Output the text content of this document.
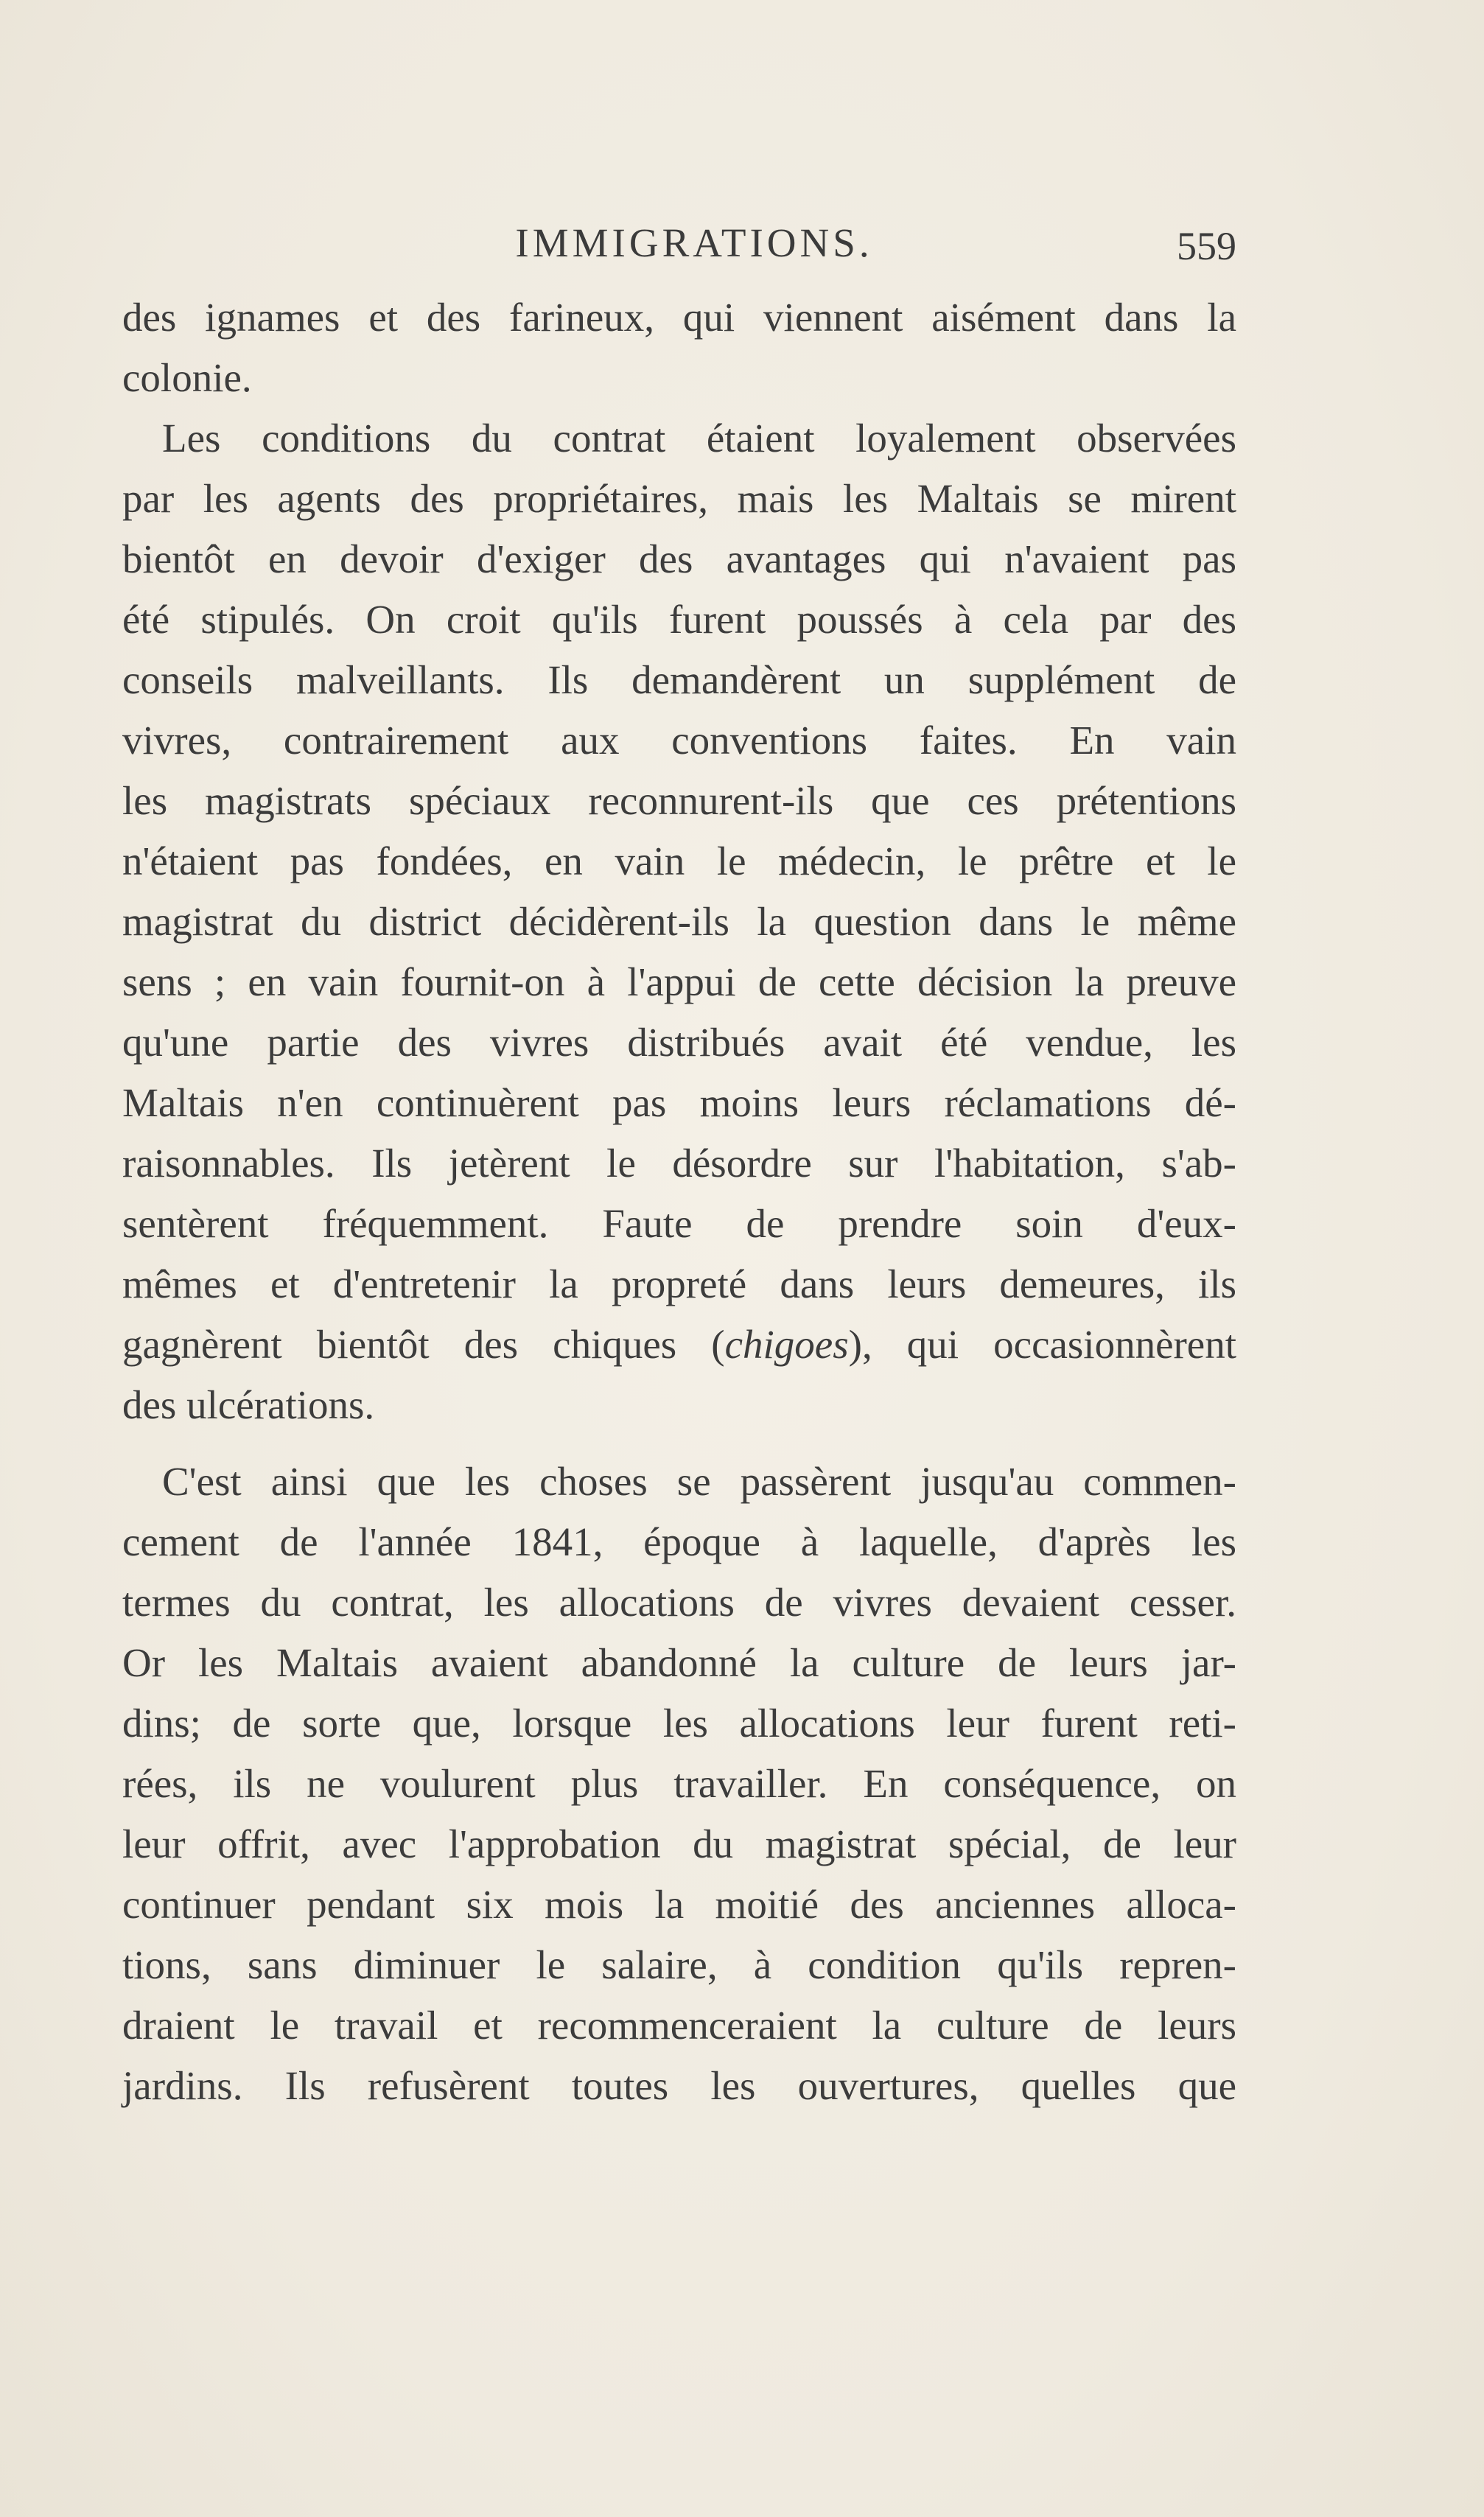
IMMIGRATIONS.	559
des ignames et des farineux, qui viennent aisément dans la
colonie.
Les conditions du contrat étaient loyalement observées
par les agents des propriétaires, mais les Maltais se mirent
bientôt en devoir d'exiger des avantages qui n'avaient pas
été stipulés. On croit qu'ils furent poussés à cela par des
conseils malveillants. Ils demandèrent un supplément de
vivres, contrairement aux conventions faites. En vain
les magistrats spéciaux reconnurent-ils que ces prétentions
n'étaient pas fondées, en vain le médecin, le prêtre et le
magistrat du district décidèrent-ils la question dans le même
sens ; en vain fournit-on à l'appui de cette décision la preuve
qu'une partie des vivres distribués avait été vendue, les
Maltais n'en continuèrent pas moins leurs réclamations dé-
raisonnables. Ils jetèrent le désordre sur l'habitation, s'ab-
sentèrent fréquemment. Faute de prendre soin d'eux-
mêmes et d'entretenir la propreté dans leurs demeures, ils
gagnèrent bientôt des chiques (chigoes), qui occasionnèrent
des ulcérations.
C'est ainsi que les choses se passèrent jusqu'au commen-
cement de l'année 1841, époque à laquelle, d'après les
termes du contrat, les allocations de vivres devaient cesser.
Or les Maltais avaient abandonné la culture de leurs jar-
dins; de sorte que, lorsque les allocations leur furent reti-
rées, ils ne voulurent plus travailler. En conséquence, on
leur offrit, avec l'approbation du magistrat spécial, de leur
continuer pendant six mois la moitié des anciennes alloca-
tions, sans diminuer le salaire, à condition qu'ils repren-
draient le travail et recommenceraient la culture de leurs
jardins. Ils refusèrent toutes les ouvertures, quelles que
